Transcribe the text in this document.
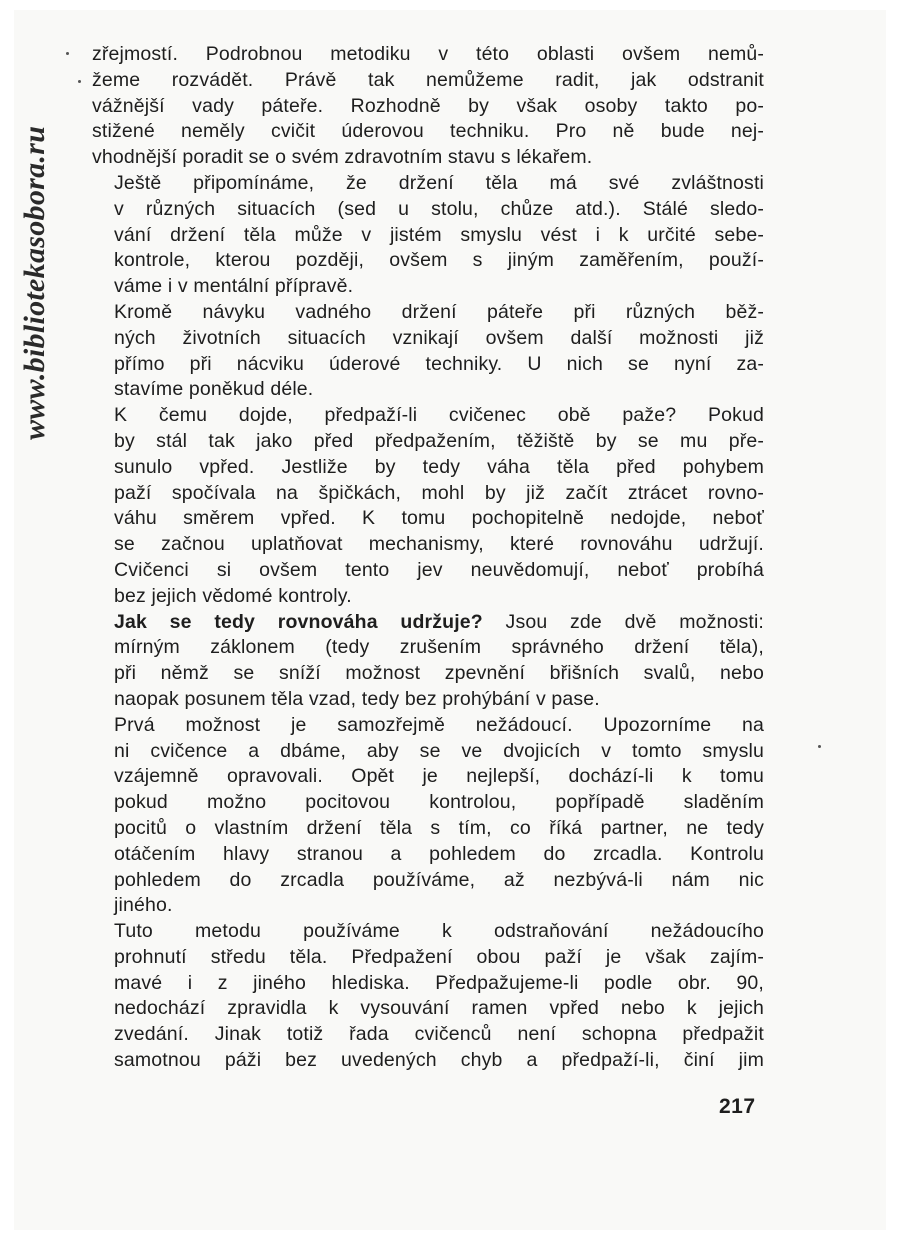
www.bibliotekasobora.ru

zřejmostí. Podrobnou metodiku v této oblasti ovšem nemů-
žeme rozvádět. Právě tak nemůžeme radit, jak odstranit
vážnější vady páteře. Rozhodně by však osoby takto po-
stižené neměly cvičit úderovou techniku. Pro ně bude nej-
vhodnější poradit se o svém zdravotním stavu s lékařem.

Ještě připomínáme, že držení těla má své zvláštnosti
v různých situacích (sed u stolu, chůze atd.). Stálé sledo-
vání držení těla může v jistém smyslu vést i k určité sebe-
kontrole, kterou později, ovšem s jiným zaměřením, použí-
váme i v mentální přípravě.

Kromě návyku vadného držení páteře při různých běž-
ných životních situacích vznikají ovšem další možnosti již
přímo při nácviku úderové techniky. U nich se nyní za-
stavíme poněkud déle.

K čemu dojde, předpaží-li cvičenec obě paže? Pokud
by stál tak jako před předpažením, těžiště by se mu pře-
sunulo vpřed. Jestliže by tedy váha těla před pohybem
paží spočívala na špičkách, mohl by již začít ztrácet rovno-
váhu směrem vpřed. K tomu pochopitelně nedojde, neboť
se začnou uplatňovat mechanismy, které rovnováhu udržují.
Cvičenci si ovšem tento jev neuvědomují, neboť probíhá
bez jejich vědomé kontroly.

Jak se tedy rovnováha udržuje? Jsou zde dvě možnosti:
mírným záklonem (tedy zrušením správného držení těla),
při němž se sníží možnost zpevnění břišních svalů, nebo
naopak posunem těla vzad, tedy bez prohýbání v pase.

Prvá možnost je samozřejmě nežádoucí. Upozorníme na
ni cvičence a dbáme, aby se ve dvojicích v tomto smyslu
vzájemně opravovali. Opět je nejlepší, dochází-li k tomu
pokud možno pocitovou kontrolou, popřípadě sladěním
pocitů o vlastním držení těla s tím, co říká partner, ne tedy
otáčením hlavy stranou a pohledem do zrcadla. Kontrolu
pohledem do zrcadla používáme, až nezbývá-li nám nic
jiného.

Tuto metodu používáme k odstraňování nežádoucího
prohnutí středu těla. Předpažení obou paží je však zajím-
mavé i z jiného hlediska. Předpažujeme-li podle obr. 90,
nedochází zpravidla k vysouvání ramen vpřed nebo k jejich
zvedání. Jinak totiž řada cvičenců není schopna předpažit
samotnou páži bez uvedených chyb a předpaží-li, činí jim

217
